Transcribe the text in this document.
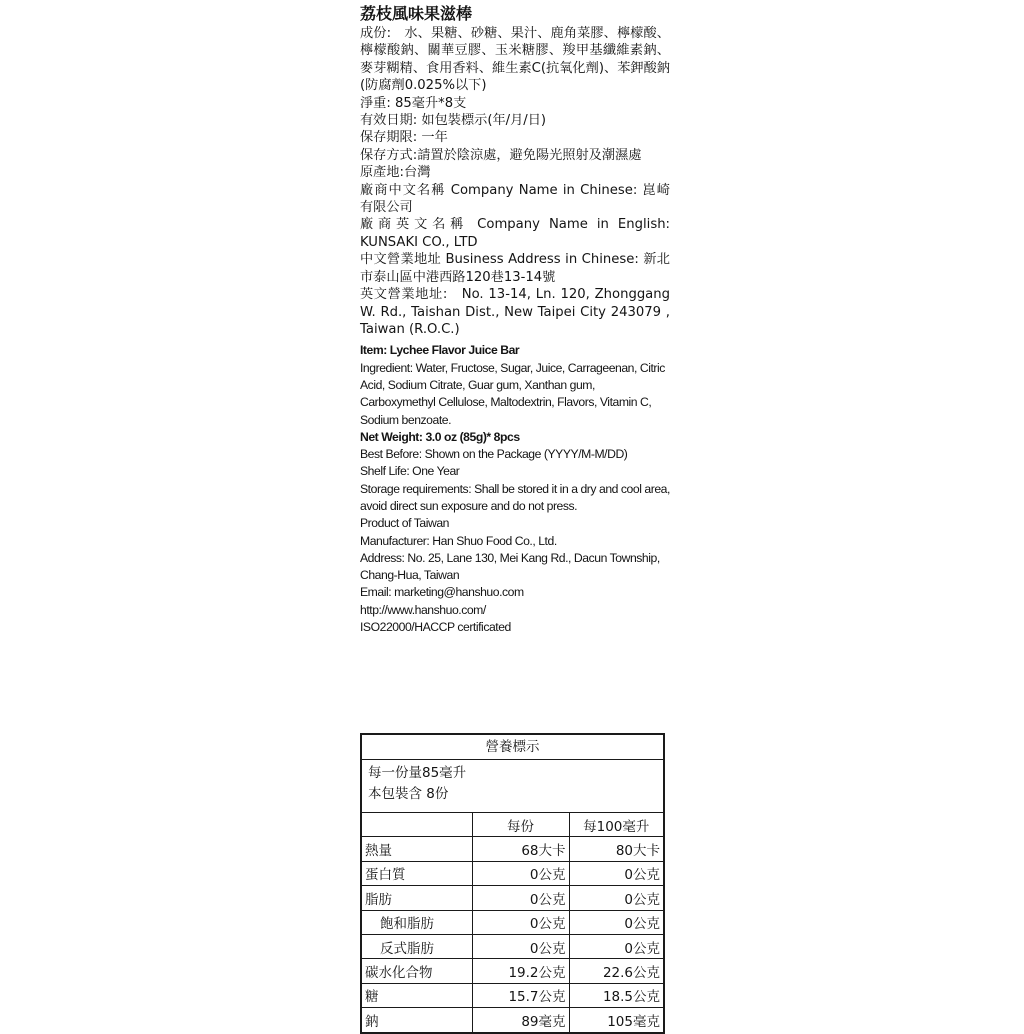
荔枝風味果滋棒

成份:　水、果糖、砂糖、果汁、鹿角菜膠、檸檬酸、檸檬酸鈉、關華豆膠、玉米糖膠、羧甲基纖維素鈉、麥芽糊精、食用香料、維生素C(抗氧化劑)、苯鉀酸鈉(防腐劑0.025%以下)

淨重: 85毫升*8支

有效日期: 如包裝標示(年/月/日)

保存期限: 一年

保存方式:請置於陰涼處，避免陽光照射及潮濕處

原產地:台灣

廠商中文名稱 Company Name in Chinese: 崑崎有限公司

廠商英文名稱 Company Name in English: KUNSAKI CO., LTD

中文營業地址 Business Address in Chinese: 新北市泰山區中港西路120巷13-14號

英文營業地址:　No. 13-14, Ln. 120, Zhonggang W. Rd., Taishan Dist., New Taipei City 243079 , Taiwan (R.O.C.)

Item: Lychee Flavor Juice Bar

Ingredient: Water, Fructose, Sugar, Juice, Carrageenan, Citric Acid, Sodium Citrate, Guar gum, Xanthan gum, Carboxymethyl Cellulose, Maltodextrin, Flavors, Vitamin C, Sodium benzoate.

Net Weight: 3.0 oz (85g)* 8pcs

Best Before: Shown on the Package (YYYY/M-M/DD)

Shelf Life: One Year

Storage requirements: Shall be stored it in a dry and cool area, avoid direct sun exposure and do not press.

Product of Taiwan

Manufacturer: Han Shuo Food Co., Ltd.

Address: No. 25, Lane 130, Mei Kang Rd., Dacun Township, Chang-Hua, Taiwan

Email: marketing@hanshuo.com

http://www.hanshuo.com/

ISO22000/HACCP certificated

營養標示
每一份量85毫升
本包裝含 8份
	每份	每100毫升
熱量	68大卡	80大卡
蛋白質	0公克	0公克
脂肪	0公克	0公克
飽和脂肪	0公克	0公克
反式脂肪	0公克	0公克
碳水化合物	19.2公克	22.6公克
糖	15.7公克	18.5公克
鈉	89毫克	105毫克
